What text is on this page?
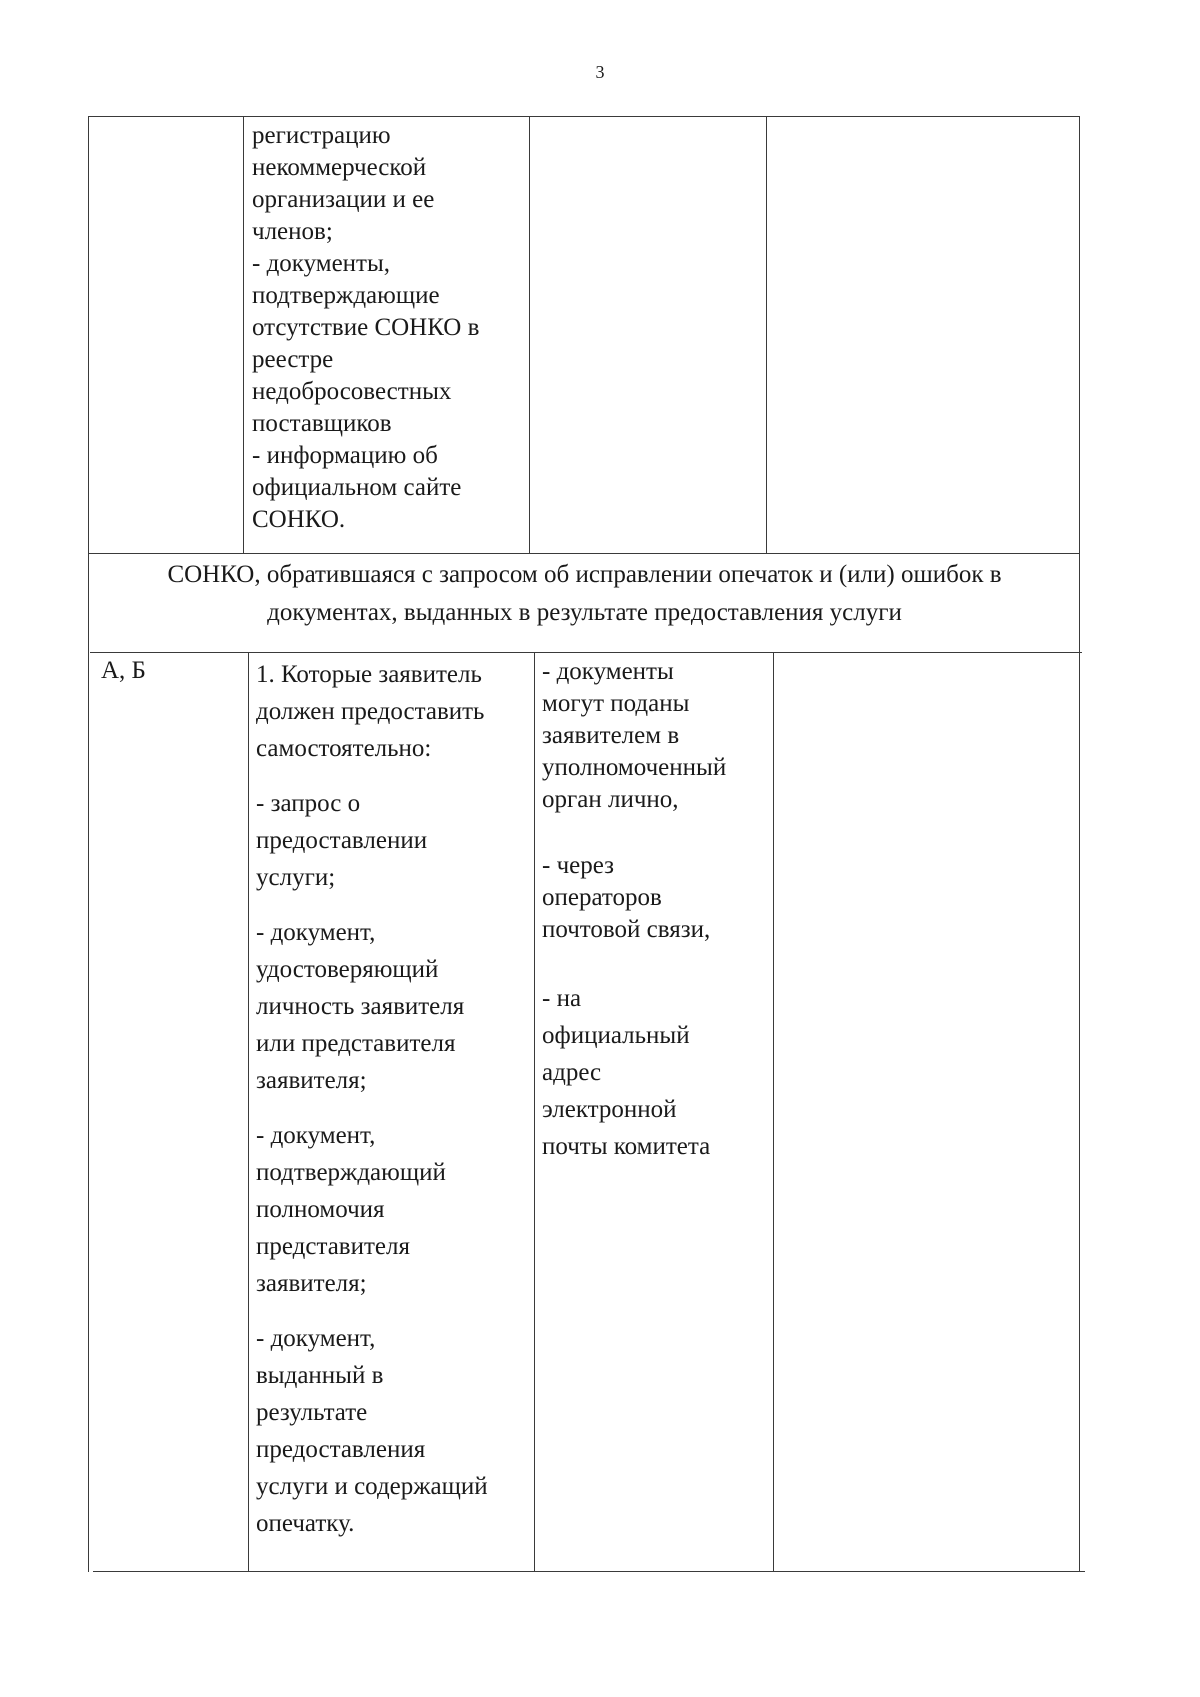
3
регистрацию
некоммерческой
организации и ее
членов;
- документы,
подтверждающие
отсутствие СОНКО в
реестре
недобросовестных
поставщиков
- информацию об
официальном сайте
СОНКО.
СОНКО, обратившаяся с запросом об исправлении опечаток и (или) ошибок в
документах, выданных в результате предоставления услуги
А, Б	1. Которые заявитель
должен предоставить
самостоятельно:
- запрос о
предоставлении
услуги;
- документ,
удостоверяющий
личность заявителя
или представителя
заявителя;
- документ,
подтверждающий
полномочия
представителя
заявителя;
- документ,
выданный в
результате
предоставления
услуги и содержащий
опечатку.
- документы
могут поданы
заявителем в
уполномоченный
орган лично,
- через
операторов
почтовой связи,
- на
официальный
адрес
электронной
почты комитета
